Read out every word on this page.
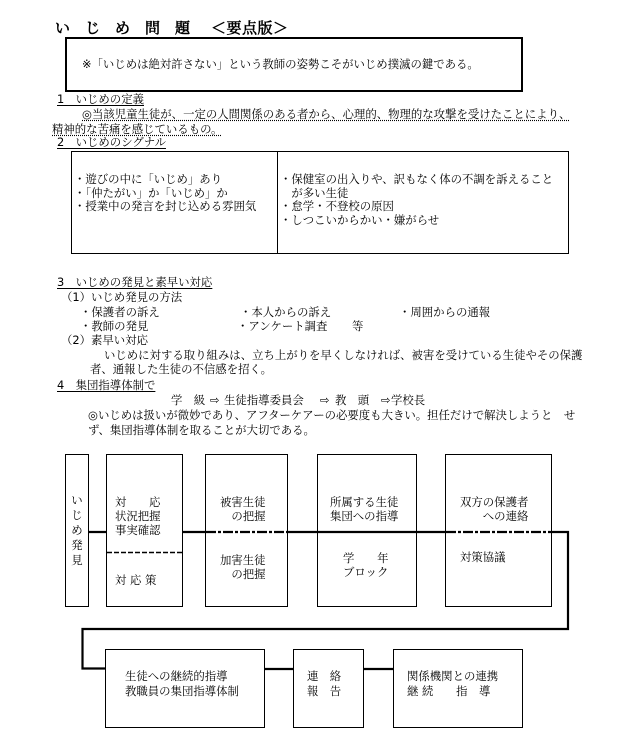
いじめ問題 ＜要点版＞
※「いじめは絶対許さない」という教師の姿勢こそがいじめ撲滅の鍵である。
1　いじめの定義
◎当該児童生徒が、一定の人間関係のある者から、心理的、物理的な攻撃を受けたことにより、
精神的な苦痛を感じているもの。
2　いじめのシグナル
・遊びの中に「いじめ」あり
・「仲たがい」か「いじめ」か
・授業中の発言を封じ込める雰囲気
・保健室の出入りや、訳もなく体の不調を訴えること
　が多い生徒
・怠学・不登校の原因
・しつこいからかい・嫌がらせ
3　いじめの発見と素早い対応
（1）いじめ発見の方法
・保護者の訴え	・本人からの訴え	・周囲からの通報
・教師の発見	・アンケート調査 等
（2）素早い対応
いじめに対する取り組みは、立ち上がりを早くしなければ、被害を受けている生徒やその保護
者、通報した生徒の不信感を招く。
4　集団指導体制で
学　級 ⇨ 生徒指導委員会 ⇨ 教　頭 ⇨ 学校長
◎いじめは扱いが微妙であり、アフターケアーの必要度も大きい。担任だけで解決しようと　せ
ず、集団指導体制を取ることが大切である。
い
じ
め
発
見
対　　応
状況把握
事実確認
対 応 策
被害生徒
　の把握
加害生徒
　の把握
所属する生徒
集団への指導
学　　年
ブロック
双方の保護者
　　への連絡
対策協議
生徒への継続的指導
教職員の集団指導体制
連　絡
報　告
関係機関との連携
継 続　　指　導
